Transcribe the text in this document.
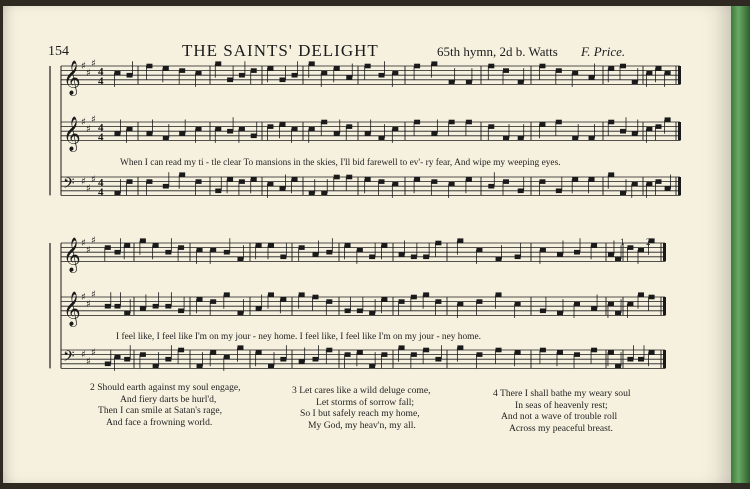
154	THE SAINTS' DELIGHT	65th hymn, 2d b. Watts F. Price.
𝄞 ♯
♯
♯
4
4
𝄞 ♯
♯
♯
4
4
𝄢 ♯
♯
♯ 4
4
𝄞 ♯
♯
♯
𝄞 ♯
♯
♯
𝄢 ♯
♯
♯
1 2
When I can read my ti - tle clear To mansions in the skies, I'll bid farewell to ev'- ry fear, And wipe my weeping eyes.
I feel like, I feel like I'm on my jour - ney home. I feel like, I feel like I'm on my jour - ney home.
2 Should earth against my soul engage,
And fiery darts be hurl'd,
Then I can smile at Satan's rage,
And face a frowning world.
3 Let cares like a wild deluge come,
Let storms of sorrow fall;
So I but safely reach my home,
My God, my heav'n, my all.
4 There I shall bathe my weary soul
In seas of heavenly rest;
And not a wave of trouble roll
Across my peaceful breast.
